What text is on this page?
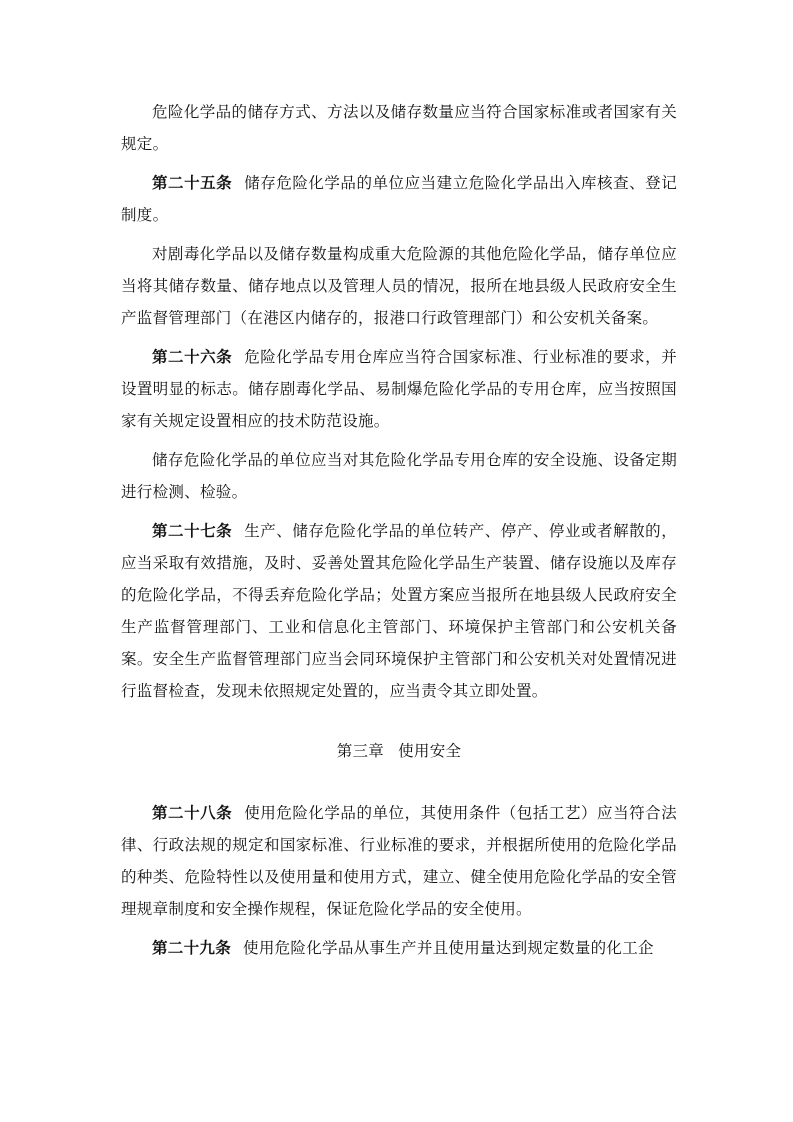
危险化学品的储存方式、方法以及储存数量应当符合国家标准或者国家有关规定。

第二十五条 储存危险化学品的单位应当建立危险化学品出入库核查、登记制度。

对剧毒化学品以及储存数量构成重大危险源的其他危险化学品，储存单位应当将其储存数量、储存地点以及管理人员的情况，报所在地县级人民政府安全生产监督管理部门（在港区内储存的，报港口行政管理部门）和公安机关备案。

第二十六条 危险化学品专用仓库应当符合国家标准、行业标准的要求，并设置明显的标志。储存剧毒化学品、易制爆危险化学品的专用仓库，应当按照国家有关规定设置相应的技术防范设施。

储存危险化学品的单位应当对其危险化学品专用仓库的安全设施、设备定期进行检测、检验。

第二十七条 生产、储存危险化学品的单位转产、停产、停业或者解散的，应当采取有效措施，及时、妥善处置其危险化学品生产装置、储存设施以及库存的危险化学品，不得丢弃危险化学品；处置方案应当报所在地县级人民政府安全生产监督管理部门、工业和信息化主管部门、环境保护主管部门和公安机关备案。安全生产监督管理部门应当会同环境保护主管部门和公安机关对处置情况进行监督检查，发现未依照规定处置的，应当责令其立即处置。

第三章 使用安全

第二十八条 使用危险化学品的单位，其使用条件（包括工艺）应当符合法律、行政法规的规定和国家标准、行业标准的要求，并根据所使用的危险化学品的种类、危险特性以及使用量和使用方式，建立、健全使用危险化学品的安全管理规章制度和安全操作规程，保证危险化学品的安全使用。

第二十九条 使用危险化学品从事生产并且使用量达到规定数量的化工企
